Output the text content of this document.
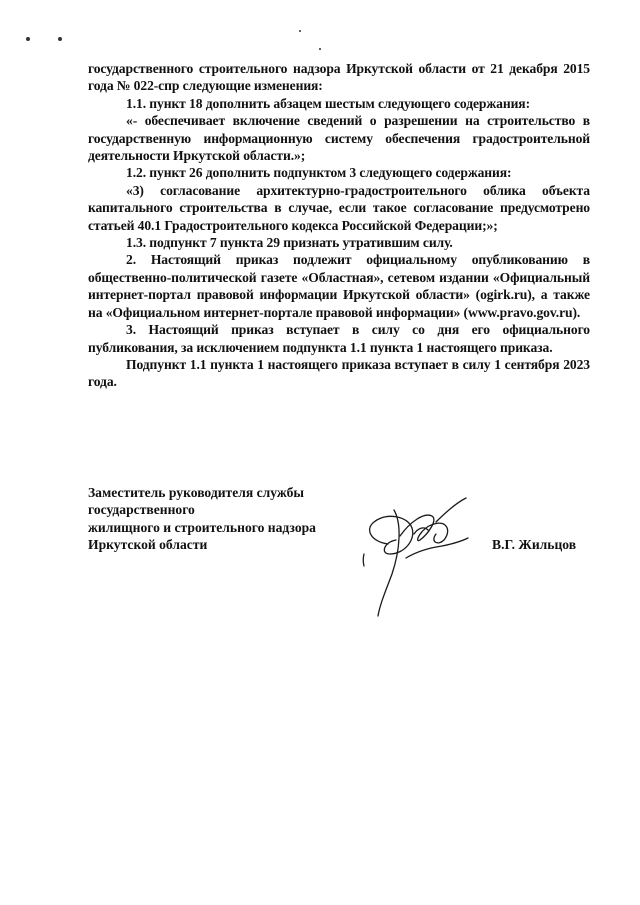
государственного строительного надзора Иркутской области от 21 декабря 2015 года № 022-спр следующие изменения:

1.1. пункт 18 дополнить абзацем шестым следующего содержания:

«- обеспечивает включение сведений о разрешении на строительство в государственную информационную систему обеспечения градостроительной деятельности Иркутской области.»;

1.2. пункт 26 дополнить подпунктом 3 следующего содержания:

«3) согласование архитектурно-градостроительного облика объекта капитального строительства в случае, если такое согласование предусмотрено статьей 40.1 Градостроительного кодекса Российской Федерации;»;

1.3. подпункт 7 пункта 29 признать утратившим силу.

2. Настоящий приказ подлежит официальному опубликованию в общественно-политической газете «Областная», сетевом издании «Официальный интернет-портал правовой информации Иркутской области» (ogirk.ru), а также на «Официальном интернет-портале правовой информации» (www.pravo.gov.ru).

3. Настоящий приказ вступает в силу со дня его официального публикования, за исключением подпункта 1.1 пункта 1 настоящего приказа.

Подпункт 1.1 пункта 1 настоящего приказа вступает в силу 1 сентября 2023 года.

Заместитель руководителя службы
государственного
жилищного и строительного надзора
Иркутской области	В.Г. Жильцов
